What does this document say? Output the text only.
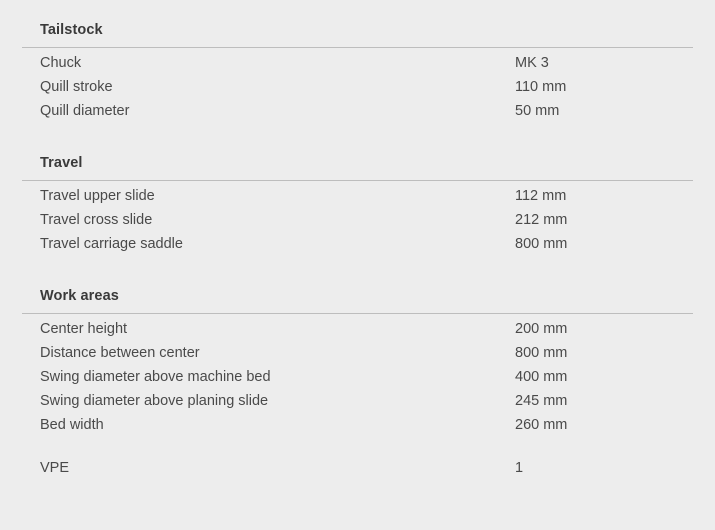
Tailstock
Chuck	MK 3
Quill stroke	110 mm
Quill diameter	50 mm
Travel
Travel upper slide	112 mm
Travel cross slide	212 mm
Travel carriage saddle	800 mm
Work areas
Center height	200 mm
Distance between center	800 mm
Swing diameter above machine bed	400 mm
Swing diameter above planing slide	245 mm
Bed width	260 mm
VPE	1
